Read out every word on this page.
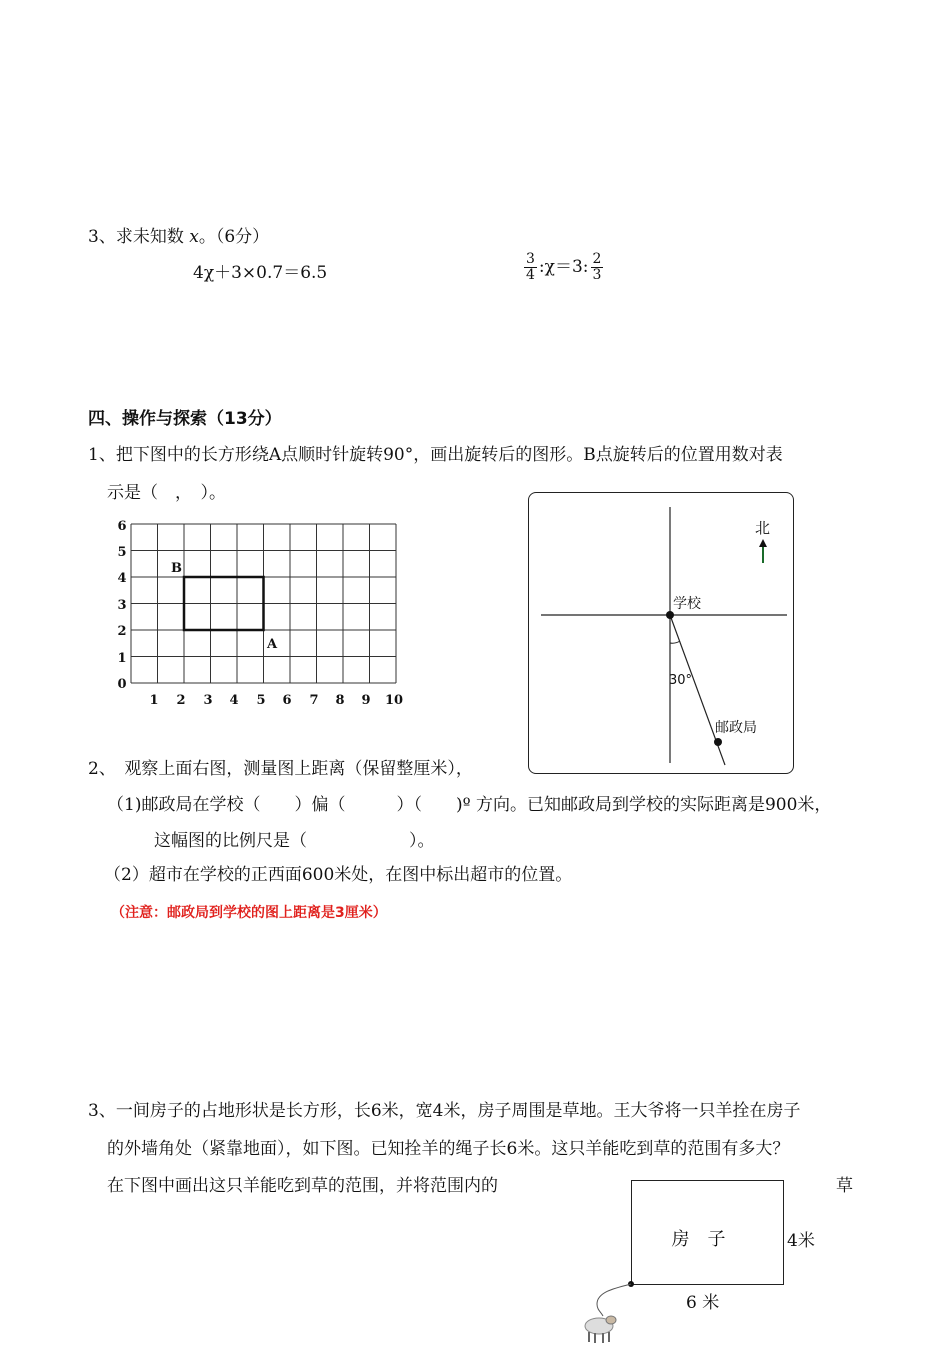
3、求未知数 x。（6分）
4χ＋3×0.7＝6.5	$\frac{3}{4}$ :χ＝3: $\frac{2}{3}$
四、操作与探索（13分）
1、把下图中的长方形绕A点顺时针旋转90°，画出旋转后的图形。B点旋转后的位置用数对表
示是（　，　）。
1 2 3 4 5 6 7 8 9 10
0
1
2
3
4
5
6
B
A
北
学校
30°
邮政局
2、　观察上面右图，测量图上距离（保留整厘米），
（1)邮政局在学校（　　）偏（　　　）（　　)º 方向。已知邮政局到学校的实际距离是900米，
这幅图的比例尺是（　　　　　　）。
（2）超市在学校的正西面600米处，在图中标出超市的位置。
（注意：邮政局到学校的图上距离是3厘米）
3、一间房子的占地形状是长方形，长6米，宽4米，房子周围是草地。王大爷将一只羊拴在房子
的外墙角处（紧靠地面），如下图。已知拴羊的绳子长6米。这只羊能吃到草的范围有多大？
在下图中画出这只羊能吃到草的范围，并将范围内的	草
房子	4米
6 米
